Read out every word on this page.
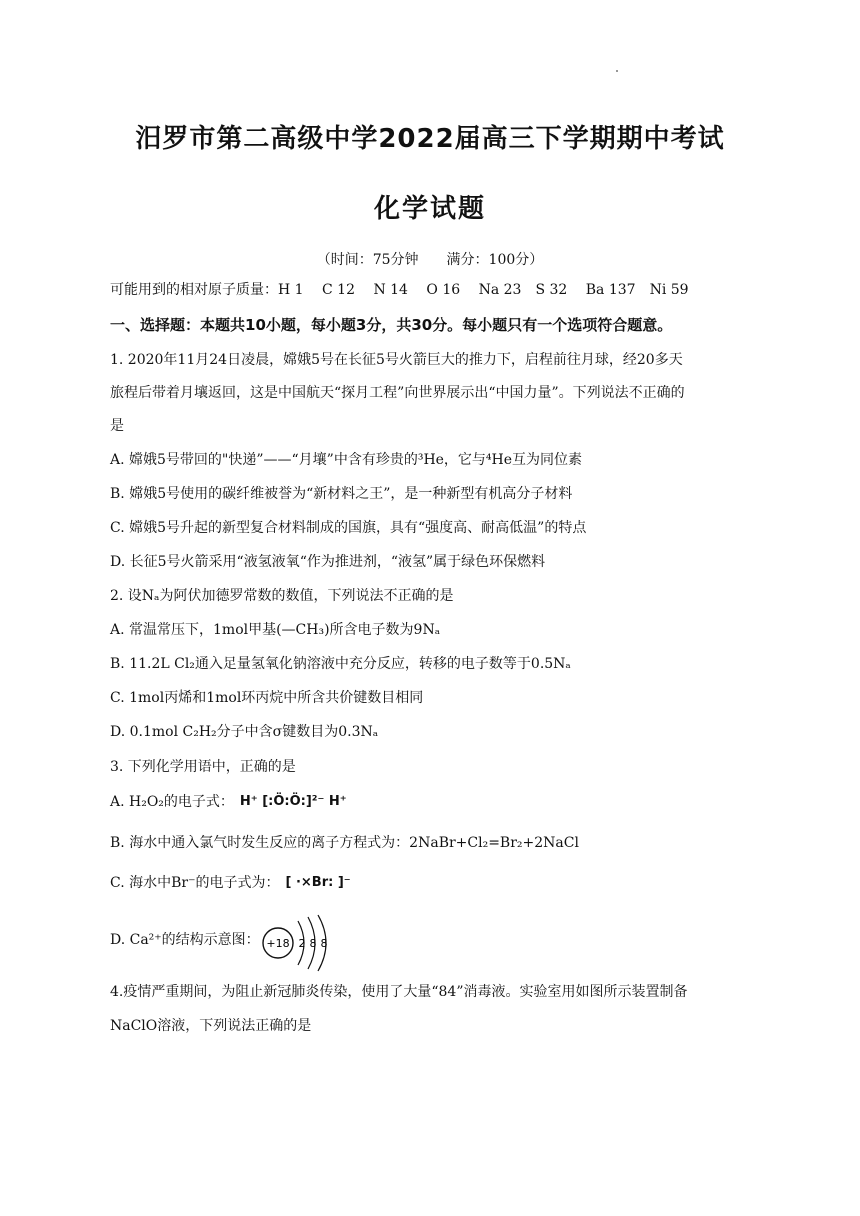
汨罗市第二高级中学2022届高三下学期期中考试
化学试题
（时间：75分钟　　满分：100分）
可能用到的相对原子质量：H 1　 C 12　 N 14　 O 16　 Na 23　S 32　 Ba 137　Ni 59
一、选择题：本题共10小题，每小题3分，共30分。每小题只有一个选项符合题意。
1. 2020年11月24日凌晨，嫦娥5号在长征5号火箭巨大的推力下，启程前往月球，经20多天
旅程后带着月壤返回，这是中国航天“探月工程”向世界展示出“中国力量”。下列说法不正确的
是
A. 嫦娥5号带回的"快递”——“月壤”中含有珍贵的³He，它与⁴He互为同位素
B. 嫦娥5号使用的碳纤维被誉为“新材料之王”，是一种新型有机高分子材料
C. 嫦娥5号升起的新型复合材料制成的国旗，具有“强度高、耐高低温”的特点
D. 长征5号火箭采用“液氢液氧“作为推进剂，“液氢”属于绿色环保燃料
2. 设Nₐ为阿伏加德罗常数的数值，下列说法不正确的是
A. 常温常压下，1mol甲基(—CH₃)所含电子数为9Nₐ
B. 11.2L Cl₂通入足量氢氧化钠溶液中充分反应，转移的电子数等于0.5Nₐ
C. 1mol丙烯和1mol环丙烷中所含共价键数目相同
D. 0.1mol C₂H₂分子中含σ键数目为0.3Nₐ
3. 下列化学用语中，正确的是
A. H₂O₂的电子式： H⁺ [:Ö:Ö:]²⁻ H⁺
B. 海水中通入氯气时发生反应的离子方程式为：2NaBr+Cl₂=Br₂+2NaCl
C. 海水中Br⁻的电子式为： [ ·×Br: ]⁻
D. Ca²⁺的结构示意图： +18 2 8 8
4.疫情严重期间，为阻止新冠肺炎传染，使用了大量“84”消毒液。实验室用如图所示装置制备
NaClO溶液，下列说法正确的是
